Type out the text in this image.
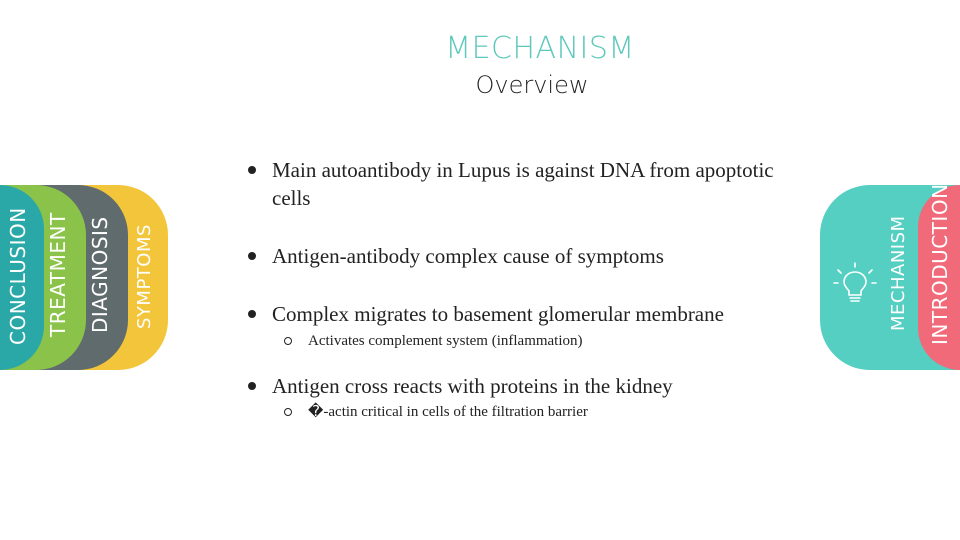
MECHANISM
Overview
SYMPTOMS
DIAGNOSIS
TREATMENT
CONCLUSION	MECHANISM INTRODUCTION
Main autoantibody in Lupus is against DNA from apoptotic cells
Antigen-antibody complex cause of symptoms
Complex migrates to basement glomerular membrane
Activates complement system (inflammation)
Antigen cross reacts with proteins in the kidney
�-actin critical in cells of the filtration barrier
